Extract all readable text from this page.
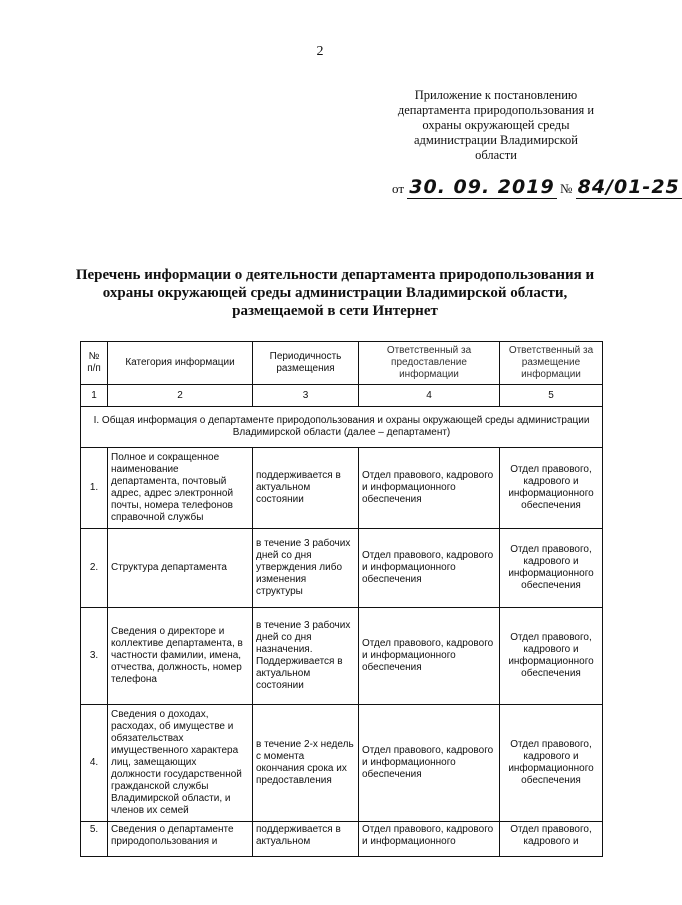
2
Приложение к постановлению
департамента природопользования и
охраны окружающей среды
администрации Владимирской
области
от 30. 09. 2019 № 84/01-25
Перечень информации о деятельности департамента природопользования и
охраны окружающей среды администрации Владимирской области,
размещаемой в сети Интернет
№ п/п	Категория информации	Периодичность размещения	Ответственный за предоставление информации	Ответственный за размещение информации
1	2	3	4	5
I. Общая информация о департаменте природопользования и охраны окружающей среды администрации Владимирской области (далее – департамент)				
1.	Полное и сокращенное наименование департамента, почтовый адрес, адрес электронной почты, номера телефонов справочной службы	поддерживается в актуальном состоянии	Отдел правового, кадрового и информационного обеспечения	Отдел правового, кадрового и информационного обеспечения
2.	Структура департамента	в течение 3 рабочих дней со дня утверждения либо изменения структуры	Отдел правового, кадрового и информационного обеспечения	Отдел правового, кадрового и информационного обеспечения
3.	Сведения о директоре и коллективе департамента, в частности фамилии, имена, отчества, должность, номер телефона	в течение 3 рабочих дней со дня назначения. Поддерживается в актуальном состоянии	Отдел правового, кадрового и информационного обеспечения	Отдел правового, кадрового и информационного обеспечения
4.	Сведения о доходах, расходах, об имуществе и обязательствах имущественного характера лиц, замещающих должности государственной гражданской службы Владимирской области, и членов их семей	в течение 2-х недель с момента окончания срока их предоставления	Отдел правового, кадрового и информационного обеспечения	Отдел правового, кадрового и информационного обеспечения
5.	Сведения о департаменте природопользования и	поддерживается в актуальном	Отдел правового, кадрового и информационного	Отдел правового, кадрового и
